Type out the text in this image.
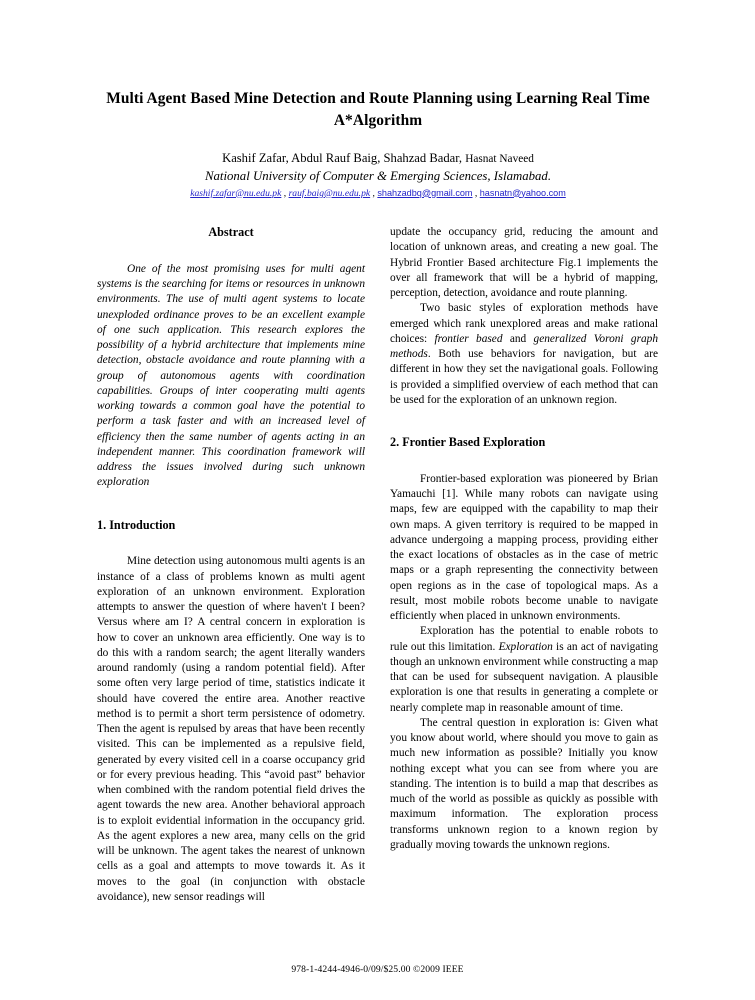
Multi Agent Based Mine Detection and Route Planning using Learning Real Time A*Algorithm
Kashif Zafar, Abdul Rauf Baig, Shahzad Badar, Hasnat Naveed
National University of Computer & Emerging Sciences, Islamabad.
kashif.zafar@nu.edu.pk , rauf.baig@nu.edu.pk , shahzadbq@gmail.com , hasnatn@yahoo.com
Abstract

One of the most promising uses for multi agent systems is the searching for items or resources in unknown environments. The use of multi agent systems to locate unexploded ordinance proves to be an excellent example of one such application. This research explores the possibility of a hybrid architecture that implements mine detection, obstacle avoidance and route planning with a group of autonomous agents with coordination capabilities. Groups of inter cooperating multi agents working towards a common goal have the potential to perform a task faster and with an increased level of efficiency then the same number of agents acting in an independent manner. This coordination framework will address the issues involved during such unknown exploration

1. Introduction

Mine detection using autonomous multi agents is an instance of a class of problems known as multi agent exploration of an unknown environment. Exploration attempts to answer the question of where haven't I been? Versus where am I? A central concern in exploration is how to cover an unknown area efficiently. One way is to do this with a random search; the agent literally wanders around randomly (using a random potential field). After some often very large period of time, statistics indicate it should have covered the entire area. Another reactive method is to permit a short term persistence of odometry. Then the agent is repulsed by areas that have been recently visited. This can be implemented as a repulsive field, generated by every visited cell in a coarse occupancy grid or for every previous heading. This “avoid past” behavior when combined with the random potential field drives the agent towards the new area. Another behavioral approach is to exploit evidential information in the occupancy grid. As the agent explores a new area, many cells on the grid will be unknown. The agent takes the nearest of unknown cells as a goal and attempts to move towards it. As it moves to the goal (in conjunction with obstacle avoidance), new sensor readings will

update the occupancy grid, reducing the amount and location of unknown areas, and creating a new goal. The Hybrid Frontier Based architecture Fig.1 implements the over all framework that will be a hybrid of mapping, perception, detection, avoidance and route planning.

Two basic styles of exploration methods have emerged which rank unexplored areas and make rational choices: frontier based and generalized Voroni graph methods. Both use behaviors for navigation, but are different in how they set the navigational goals. Following is provided a simplified overview of each method that can be used for the exploration of an unknown region.

2. Frontier Based Exploration

Frontier-based exploration was pioneered by Brian Yamauchi [1]. While many robots can navigate using maps, few are equipped with the capability to map their own maps. A given territory is required to be mapped in advance undergoing a mapping process, providing either the exact locations of obstacles as in the case of metric maps or a graph representing the connectivity between open regions as in the case of topological maps. As a result, most mobile robots become unable to navigate efficiently when placed in unknown environments.

Exploration has the potential to enable robots to rule out this limitation. Exploration is an act of navigating though an unknown environment while constructing a map that can be used for subsequent navigation. A plausible exploration is one that results in generating a complete or nearly complete map in reasonable amount of time.

The central question in exploration is: Given what you know about world, where should you move to gain as much new information as possible? Initially you know nothing except what you can see from where you are standing. The intention is to build a map that describes as much of the world as possible as quickly as possible with maximum information. The exploration process transforms unknown region to a known region by gradually moving towards the unknown regions.

978-1-4244-4946-0/09/$25.00 ©2009 IEEE
